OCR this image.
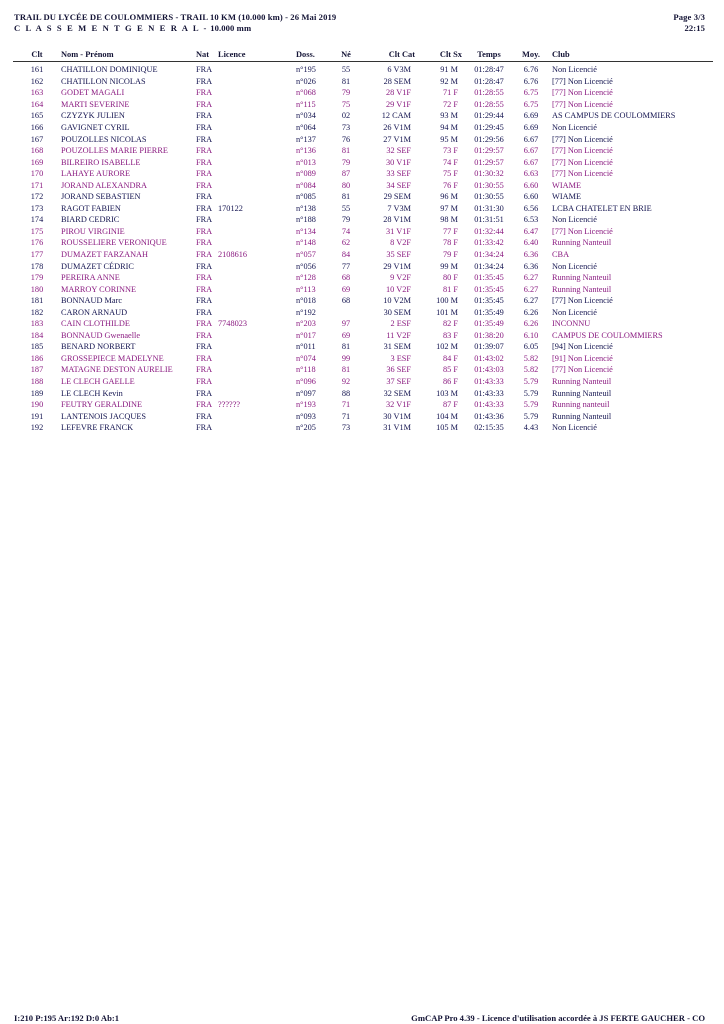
TRAIL DU LYCÉE DE COULOMMIERS - TRAIL 10 KM (10.000 km) - 26 Mai 2019
C L A S S E M E N T G E N E R A L - 10.000 mm
Page 3/3
22:15
Clt	Nom - Prénom	Nat	Licence	Doss.	Né	Clt Cat	Clt Sx	Temps	Moy.	Club
161	CHATILLON DOMINIQUE	FRA		n°195	55	6 V3M	91 M	01:28:47	6.76	Non Licencié
162	CHATILLON NICOLAS	FRA		n°026	81	28 SEM	92 M	01:28:47	6.76	[77] Non Licencié
163	GODET MAGALI	FRA		n°068	79	28 V1F	71 F	01:28:55	6.75	[77] Non Licencié
164	MARTI SEVERINE	FRA		n°115	75	29 V1F	72 F	01:28:55	6.75	[77] Non Licencié
165	CZYZYK JULIEN	FRA		n°034	02	12 CAM	93 M	01:29:44	6.69	AS CAMPUS DE COULOMMIERS
166	GAVIGNET CYRIL	FRA		n°064	73	26 V1M	94 M	01:29:45	6.69	Non Licencié
167	POUZOLLES NICOLAS	FRA		n°137	76	27 V1M	95 M	01:29:56	6.67	[77] Non Licencié
168	POUZOLLES MARIE PIERRE	FRA		n°136	81	32 SEF	73 F	01:29:57	6.67	[77] Non Licencié
169	BILREIRO ISABELLE	FRA		n°013	79	30 V1F	74 F	01:29:57	6.67	[77] Non Licencié
170	LAHAYE AURORE	FRA		n°089	87	33 SEF	75 F	01:30:32	6.63	[77] Non Licencié
171	JORAND ALEXANDRA	FRA		n°084	80	34 SEF	76 F	01:30:55	6.60	WIAME
172	JORAND SEBASTIEN	FRA		n°085	81	29 SEM	96 M	01:30:55	6.60	WIAME
173	RAGOT FABIEN	FRA	170122	n°138	55	7 V3M	97 M	01:31:30	6.56	LCBA CHATELET EN BRIE
174	BIARD CEDRIC	FRA		n°188	79	28 V1M	98 M	01:31:51	6.53	Non Licencié
175	PIROU VIRGINIE	FRA		n°134	74	31 V1F	77 F	01:32:44	6.47	[77] Non Licencié
176	ROUSSELIERE VERONIQUE	FRA		n°148	62	8 V2F	78 F	01:33:42	6.40	Running Nanteuil
177	DUMAZET FARZANAH	FRA	2108616	n°057	84	35 SEF	79 F	01:34:24	6.36	CBA
178	DUMAZET CÉDRIC	FRA		n°056	77	29 V1M	99 M	01:34:24	6.36	Non Licencié
179	PEREIRA ANNE	FRA		n°128	68	9 V2F	80 F	01:35:45	6.27	Running Nanteuil
180	MARROY CORINNE	FRA		n°113	69	10 V2F	81 F	01:35:45	6.27	Running Nanteuil
181	BONNAUD Marc	FRA		n°018	68	10 V2M	100 M	01:35:45	6.27	[77] Non Licencié
182	CARON ARNAUD	FRA		n°192		30 SEM	101 M	01:35:49	6.26	Non Licencié
183	CAIN CLOTHILDE	FRA	7748023	n°203	97	2 ESF	82 F	01:35:49	6.26	INCONNU
184	BONNAUD Gwenaelle	FRA		n°017	69	11 V2F	83 F	01:38:20	6.10	CAMPUS DE COULOMMIERS
185	BENARD NORBERT	FRA		n°011	81	31 SEM	102 M	01:39:07	6.05	[94] Non Licencié
186	GROSSEPIECE MADELYNE	FRA		n°074	99	3 ESF	84 F	01:43:02	5.82	[91] Non Licencié
187	MATAGNE DESTON AURELIE	FRA		n°118	81	36 SEF	85 F	01:43:03	5.82	[77] Non Licencié
188	LE CLECH GAELLE	FRA		n°096	92	37 SEF	86 F	01:43:33	5.79	Running Nanteuil
189	LE CLECH Kevin	FRA		n°097	88	32 SEM	103 M	01:43:33	5.79	Running Nanteuil
190	FEUTRY GERALDINE	FRA	??????	n°193	71	32 V1F	87 F	01:43:33	5.79	Running nanteuil
191	LANTENOIS JACQUES	FRA		n°093	71	30 V1M	104 M	01:43:36	5.79	Running Nanteuil
192	LEFEVRE FRANCK	FRA		n°205	73	31 V1M	105 M	02:15:35	4.43	Non Licencié
I:210 P:195 Ar:192 D:0 Ab:1	GmCAP Pro 4.39 - Licence d'utilisation accordée à JS FERTE GAUCHER - CO
